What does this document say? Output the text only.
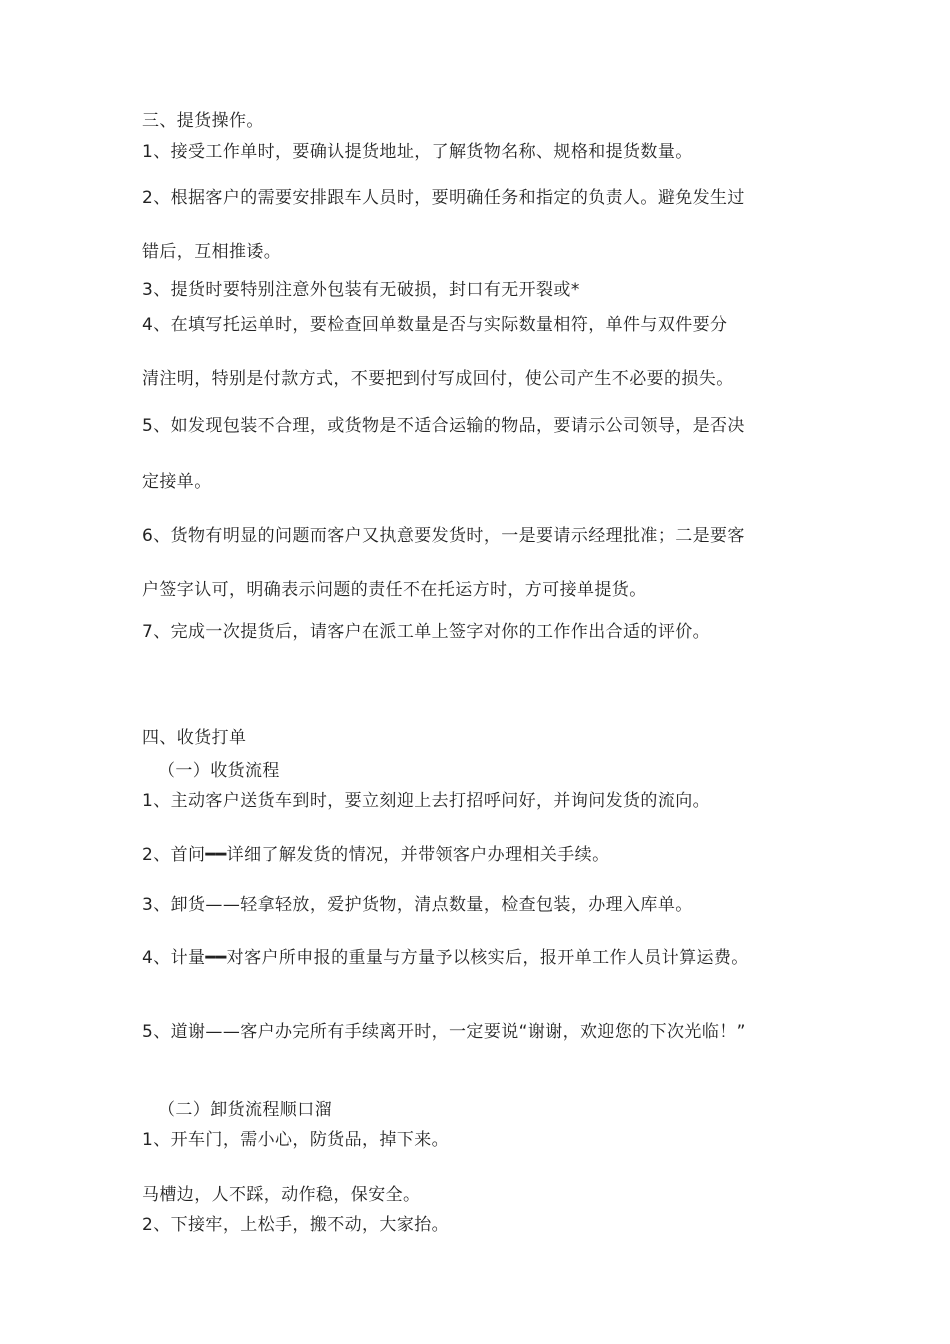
三、提货操作。
1、接受工作单时，要确认提货地址，了解货物名称、规格和提货数量。
2、根据客户的需要安排跟车人员时，要明确任务和指定的负责人。避免发生过
错后，互相推诿。
3、提货时要特别注意外包装有无破损，封口有无开裂或*
4、在填写托运单时，要检查回单数量是否与实际数量相符，单件与双件要分
清注明，特别是付款方式，不要把到付写成回付，使公司产生不必要的损失。
5、如发现包装不合理，或货物是不适合运输的物品，要请示公司领导，是否决
定接单。
6、货物有明显的问题而客户又执意要发货时，一是要请示经理批准；二是要客
户签字认可，明确表示问题的责任不在托运方时，方可接单提货。
7、完成一次提货后，请客户在派工单上签字对你的工作作出合适的评价。
四、收货打单
（一）收货流程
1、主动客户送货车到时，要立刻迎上去打招呼问好，并询问发货的流向。
2、首问━━详细了解发货的情况，并带领客户办理相关手续。
3、卸货——轻拿轻放，爱护货物，清点数量，检查包装，办理入库单。
4、计量━━对客户所申报的重量与方量予以核实后，报开单工作人员计算运费。
5、道谢——客户办完所有手续离开时，一定要说“谢谢，欢迎您的下次光临！”
（二）卸货流程顺口溜
1、开车门，需小心，防货品，掉下来。
马槽边，人不踩，动作稳，保安全。
2、下接牢，上松手，搬不动，大家抬。
